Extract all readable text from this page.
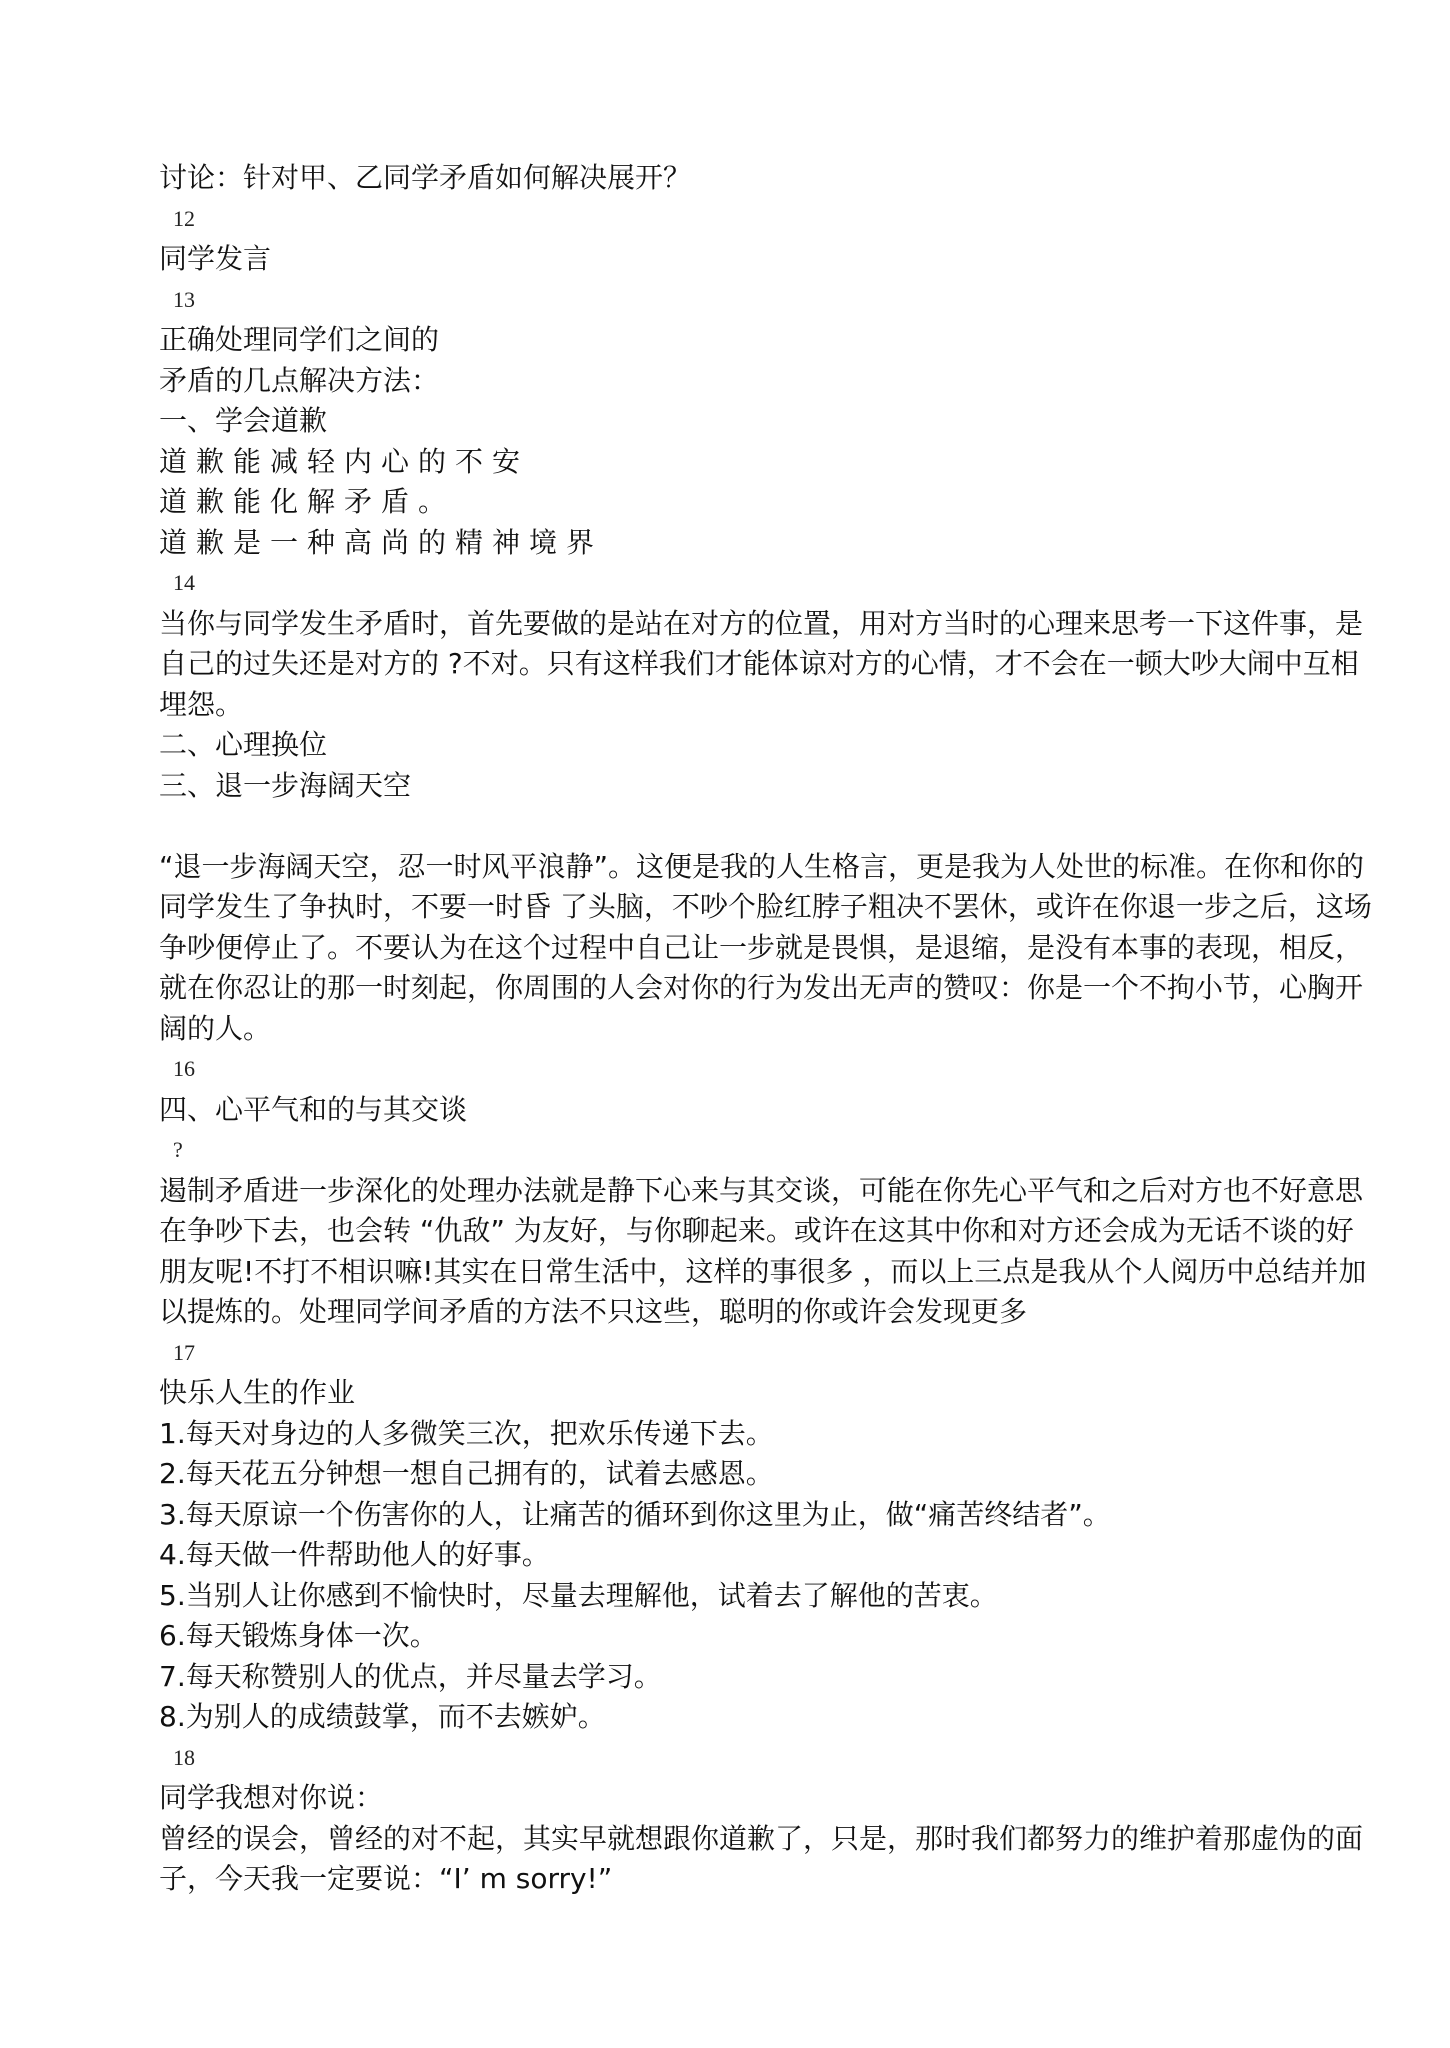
讨论：针对甲、乙同学矛盾如何解决展开？
12
同学发言
13
正确处理同学们之间的
矛盾的几点解决方法：
一、学会道歉
道歉能减轻内心的不安
道歉能化解矛盾。
道歉是一种高尚的精神境界
14
当你与同学发生矛盾时，首先要做的是站在对方的位置，用对方当时的心理来思考一下这件事，是
自己的过失还是对方的 ?不对。只有这样我们才能体谅对方的心情，才不会在一顿大吵大闹中互相
埋怨。
二、心理换位
三、退一步海阔天空
“退一步海阔天空，忍一时风平浪静”。这便是我的人生格言，更是我为人处世的标准。在你和你的
同学发生了争执时，不要一时昏 了头脑，不吵个脸红脖子粗决不罢休，或许在你退一步之后，这场
争吵便停止了。不要认为在这个过程中自己让一步就是畏惧，是退缩，是没有本事的表现，相反，
就在你忍让的那一时刻起，你周围的人会对你的行为发出无声的赞叹：你是一个不拘小节，心胸开
阔的人。
16
四、心平气和的与其交谈
?
遏制矛盾进一步深化的处理办法就是静下心来与其交谈，可能在你先心平气和之后对方也不好意思
在争吵下去，也会转 “仇敌” 为友好，与你聊起来。或许在这其中你和对方还会成为无话不谈的好
朋友呢!不打不相识嘛!其实在日常生活中，这样的事很多 ，而以上三点是我从个人阅历中总结并加
以提炼的。处理同学间矛盾的方法不只这些，聪明的你或许会发现更多
17
快乐人生的作业
1.每天对身边的人多微笑三次，把欢乐传递下去。
2.每天花五分钟想一想自己拥有的，试着去感恩。
3.每天原谅一个伤害你的人，让痛苦的循环到你这里为止，做“痛苦终结者”。
4.每天做一件帮助他人的好事。
5.当别人让你感到不愉快时，尽量去理解他，试着去了解他的苦衷。
6.每天锻炼身体一次。
7.每天称赞别人的优点，并尽量去学习。
8.为别人的成绩鼓掌，而不去嫉妒。
18
同学我想对你说：
曾经的误会，曾经的对不起，其实早就想跟你道歉了，只是，那时我们都努力的维护着那虚伪的面
子，今天我一定要说：“I’ m sorry!”
